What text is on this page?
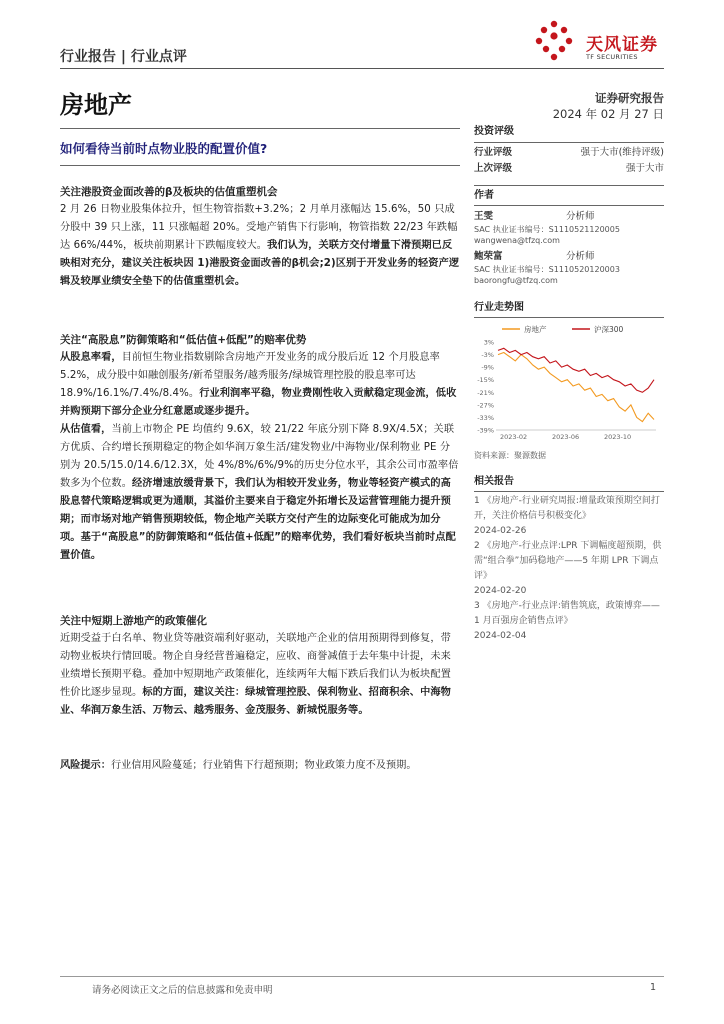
行业报告 | 行业点评
天风证券
TF SECURITIES
房地产	证券研究报告
2024 年 02 月 27 日
如何看待当前时点物业股的配置价值?
关注港股资金面改善的β及板块的估值重塑机会
2 月 26 日物业股集体拉升，恒生物管指数+3.2%；2 月单月涨幅达 15.6%，50 只成分股中 39 只上涨，11 只涨幅超 20%。受地产销售下行影响，物管指数 22/23 年跌幅达 66%/44%，板块前期累计下跌幅度较大。我们认为，关联方交付增量下滑预期已反映相对充分，建议关注板块因 1)港股资金面改善的β机会;2)区别于开发业务的轻资产逻辑及较厚业绩安全垫下的估值重塑机会。
关注“高股息”防御策略和“低估值+低配”的赔率优势
从股息率看，目前恒生物业指数剔除含房地产开发业务的成分股后近 12 个月股息率 5.2%，成分股中如融创服务/新希望服务/越秀服务/绿城管理控股的股息率可达 18.9%/16.1%/7.4%/8.4%。行业利润率平稳，物业费刚性收入贡献稳定现金流，低收并购预期下部分企业分红意愿或逐步提升。
从估值看，当前上市物企 PE 均值约 9.6X，较 21/22 年底分别下降 8.9X/4.5X；关联方优质、合约增长预期稳定的物企如华润万象生活/建发物业/中海物业/保利物业 PE 分别为 20.5/15.0/14.6/12.3X，处 4%/8%/6%/9%的历史分位水平，其余公司市盈率倍数多为个位数。经济增速放缓背景下，我们认为相较开发业务，物业等轻资产模式的高股息替代策略逻辑或更为通顺，其溢价主要来自于稳定外拓增长及运营管理能力提升预期；而市场对地产销售预期较低，物企地产关联方交付产生的边际变化可能成为加分项。基于“高股息”的防御策略和“低估值+低配”的赔率优势，我们看好板块当前时点配置价值。
关注中短期上游地产的政策催化
近期受益于白名单、物业贷等融资端利好驱动，关联地产企业的信用预期得到修复，带动物业板块行情回暖。物企自身经营普遍稳定，应收、商誉减值于去年集中计提，未来业绩增长预期平稳。叠加中短期地产政策催化，连续两年大幅下跌后我们认为板块配置性价比逐步显现。标的方面，建议关注：绿城管理控股、保利物业、招商积余、中海物业、华润万象生活、万物云、越秀服务、金茂服务、新城悦服务等。
风险提示：行业信用风险蔓延；行业销售下行超预期；物业政策力度不及预期。
投资评级
行业评级	强于大市(维持评级)
上次评级	强于大市
作者
王雯	分析师
SAC 执业证书编号：S1110521120005
wangwena@tfzq.com
鲍荣富	分析师
SAC 执业证书编号：S1110520120003
baorongfu@tfzq.com
行业走势图
房地产	沪深300
3%
-3%
-9%
-15%
-21%
-27%
-33%
-39%
2023-02	2023-06	2023-10
资料来源：聚源数据
相关报告
1 《房地产-行业研究周报:增量政策预期空间打开，关注价格信号积极变化》
2024-02-26
2 《房地产-行业点评:LPR 下调幅度超预期，供需“组合拳”加码稳地产——5 年期 LPR 下调点评》
2024-02-20
3 《房地产-行业点评:销售筑底，政策博弈——1 月百强房企销售点评》
2024-02-04
请务必阅读正文之后的信息披露和免责申明	1
